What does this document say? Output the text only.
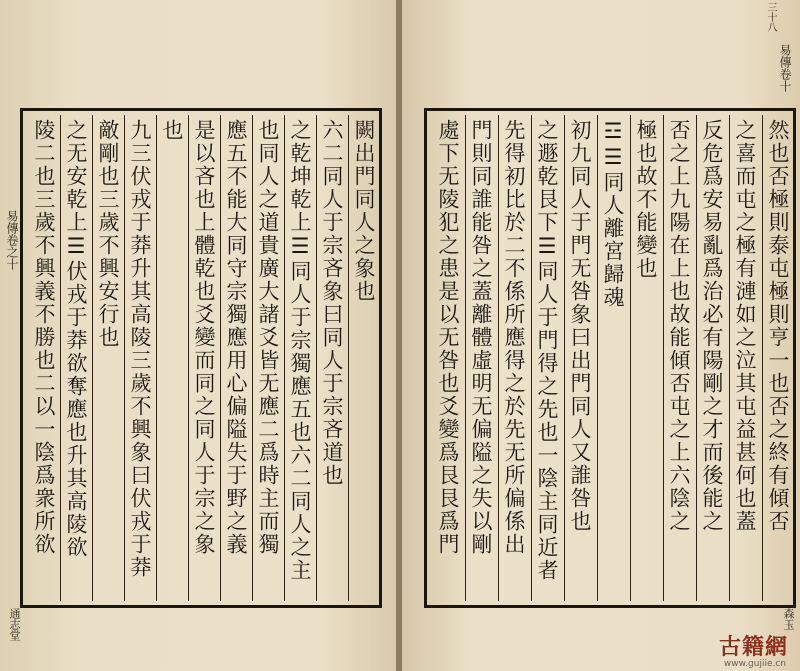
闕出門同人之象也
六二同人于宗吝象曰同人于宗吝道也
之乾坤乾上☰同人于宗獨應五也六二同人之主
也同人之道貴廣大諸爻皆无應二爲時主而獨
應五不能大同守宗獨應用心偏隘失于野之義
是以吝也上體乾也爻變而同之同人于宗之象
也
九三伏戎于莽升其高陵三歲不興象曰伏戎于莽
敵剛也三歲不興安行也
之无安乾上☰伏戎于莽欲奪應也升其高陵欲
陵二也三歲不興義不勝也二以一陰爲衆所欲
易傳卷之十
通志堂
然也否極則泰屯極則亨一也否之終有傾否
之喜而屯之極有漣如之泣其屯益甚何也蓋
反危爲安易亂爲治必有陽剛之才而後能之
否之上九陽在上也故能傾否屯之上六陰之
極也故不能變也
☲☰同人離宮歸魂
初九同人于門无咎象曰出門同人又誰咎也
之遯乾艮下☰同人于門得之先也一陰主同近者
先得初比於二不係所應得之於先无所偏係出
門則同誰能咎之蓋離體虛明无偏隘之失以剛
處下无陵犯之患是以无咎也爻變爲艮艮爲門
易傳卷十
三十八
森玉
古籍網
www.gujiie.cn
